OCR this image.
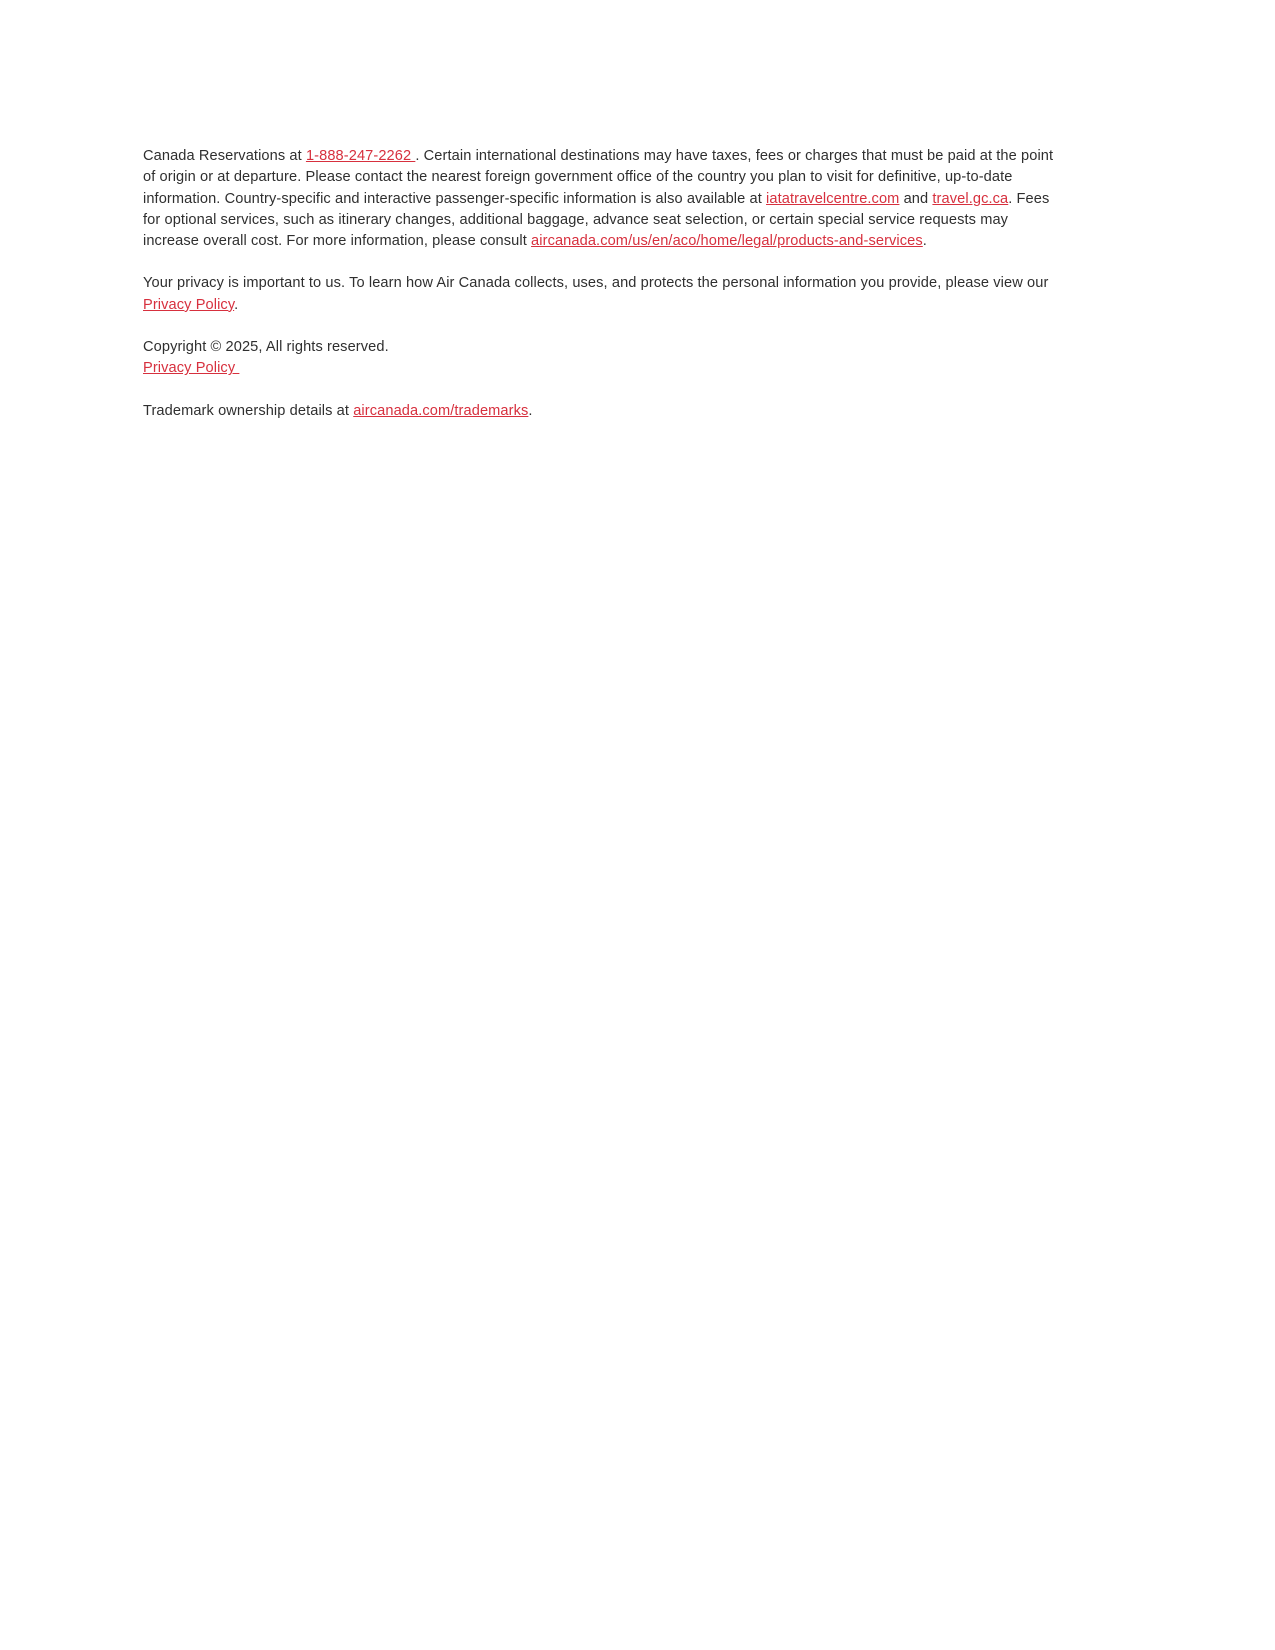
Canada Reservations at 1-888-247-2262 . Certain international destinations may have taxes, fees or charges that must be paid at the point of origin or at departure. Please contact the nearest foreign government office of the country you plan to visit for definitive, up-to-date information. Country-specific and interactive passenger-specific information is also available at iatatravelcentre.com and travel.gc.ca. Fees for optional services, such as itinerary changes, additional baggage, advance seat selection, or certain special service requests may increase overall cost. For more information, please consult aircanada.com/us/en/aco/home/legal/products-and-services.

Your privacy is important to us. To learn how Air Canada collects, uses, and protects the personal information you provide, please view our Privacy Policy.

Copyright © 2025, All rights reserved.
Privacy Policy

Trademark ownership details at aircanada.com/trademarks.
